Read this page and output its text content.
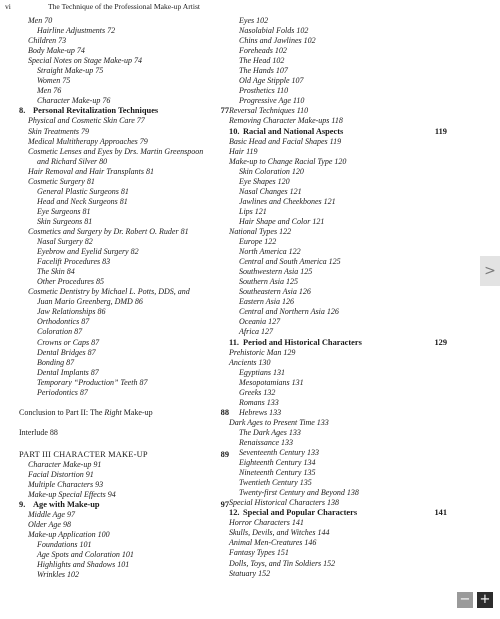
vi	The Technique of the Professional Make-up Artist
Men 70
Hairline Adjustments 72
Children 73
Body Make-up 74
Special Notes on Stage Make-up 74
Straight Make-up 75
Women 75
Men 76
Character Make-up 76
8. Personal Revitalization Techniques	77
Physical and Cosmetic Skin Care 77
Skin Treatments 79
Medical Multitherapy Approaches 79
Cosmetic Lenses and Eyes by Drs. Martin Greenspoon
and Richard Silver 80
Hair Removal and Hair Transplants 81
Cosmetic Surgery 81
General Plastic Surgeons 81
Head and Neck Surgeons 81
Eye Surgeons 81
Skin Surgeons 81
Cosmetics and Surgery by Dr. Robert O. Ruder 81
Nasal Surgery 82
Eyebrow and Eyelid Surgery 82
Facelift Procedures 83
The Skin 84
Other Procedures 85
Cosmetic Dentistry by Michael L. Potts, DDS, and
Juan Mario Greenberg, DMD 86
Jaw Relationships 86
Orthodontics 87
Coloration 87
Crowns or Caps 87
Dental Bridges 87
Bonding 87
Dental Implants 87
Temporary “Production” Teeth 87
Periodontics 87
Conclusion to Part II: The Right Make-up	88
Interlude 88
PART III CHARACTER MAKE-UP	89
Character Make-up 91
Facial Distortion 91
Multiple Characters 93
Make-up Special Effects 94
9. Age with Make-up	97
Middle Age 97
Older Age 98
Make-up Application 100
Foundations 101
Age Spots and Coloration 101
Highlights and Shadows 101
Wrinkles 102
Eyes 102
Nasolabial Folds 102
Chins and Jawlines 102
Foreheads 102
The Head 102
The Hands 107
Old Age Stipple 107
Prosthetics 110
Progressive Age 110
Reversal Techniques 110
Removing Character Make-ups 118
10. Racial and National Aspects	119
Basic Head and Facial Shapes 119
Hair 119
Make-up to Change Racial Type 120
Skin Coloration 120
Eye Shapes 120
Nasal Changes 121
Jawlines and Cheekbones 121
Lips 121
Hair Shape and Color 121
National Types 122
Europe 122
North America 122
Central and South America 125
Southwestern Asia 125
Southern Asia 125
Southeastern Asia 126
Eastern Asia 126
Central and Northern Asia 126
Oceania 127
Africa 127
11. Period and Historical Characters	129
Prehistoric Man 129
Ancients 130
Egyptians 131
Mesopotamians 131
Greeks 132
Romans 133
Hebrews 133
Dark Ages to Present Time 133
The Dark Ages 133
Renaissance 133
Seventeenth Century 133
Eighteenth Century 134
Nineteenth Century 135
Twentieth Century 135
Twenty-first Century and Beyond 138
Special Historical Characters 138
12. Special and Popular Characters	141
Horror Characters 141
Skulls, Devils, and Witches 144
Animal Men-Creatures 146
Fantasy Types 151
Dolls, Toys, and Tin Soldiers 152
Statuary 152
>
− +
